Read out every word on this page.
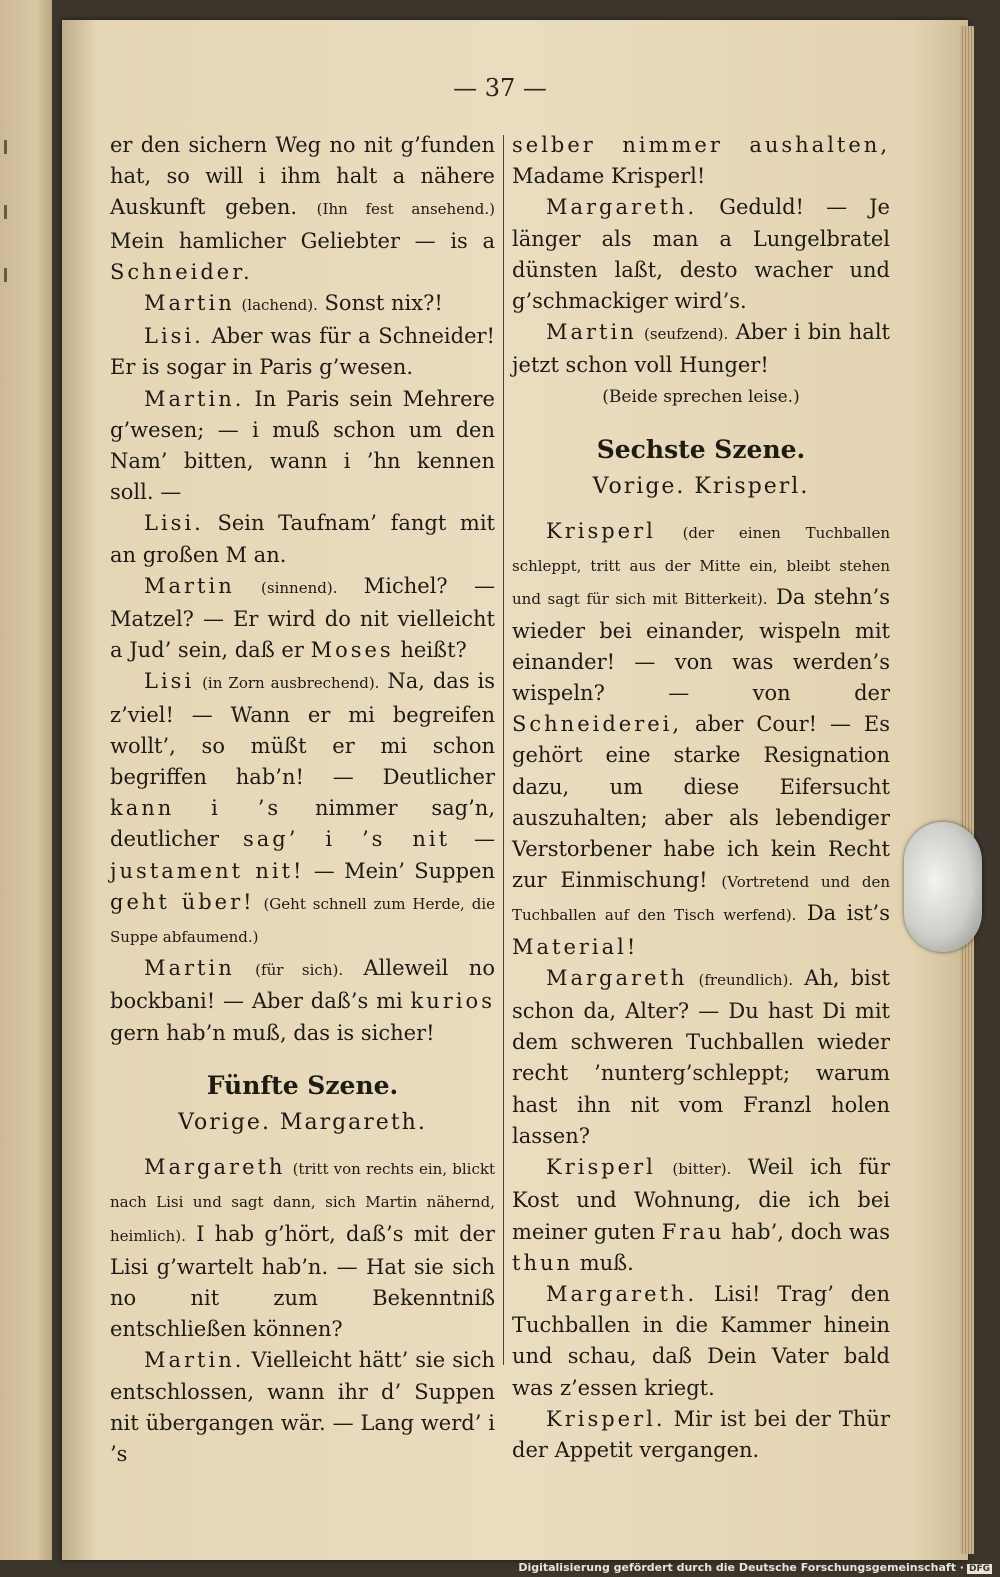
— 37 —

er den sichern Weg no nit g’funden hat, so will i ihm halt a nähere Auskunft geben. (Ihn fest ansehend.) Mein hamlicher Geliebter — is a Schneider.

Martin (lachend). Sonst nix?!

Lisi. Aber was für a Schneider! Er is sogar in Paris g’wesen.

Martin. In Paris sein Mehrere g’wesen; — i muß schon um den Nam’ bitten, wann i ’hn kennen soll. —

Lisi. Sein Taufnam’ fangt mit an großen M an.

Martin (sinnend). Michel? — Matzel? — Er wird do nit vielleicht a Jud’ sein, daß er Moses heißt?

Lisi (in Zorn ausbrechend). Na, das is z’viel! — Wann er mi begreifen wollt’, so müßt er mi schon begriffen hab’n! — Deutlicher kann i ’s nimmer sag’n, deutlicher sag’ i ’s nit — justament nit! — Mein’ Suppen geht über! (Geht schnell zum Herde, die Suppe abfaumend.)

Martin (für sich). Alleweil no bockbani! — Aber daß’s mi kurios gern hab’n muß, das is sicher!

Fünfte Szene.

Vorige. Margareth.

Margareth (tritt von rechts ein, blickt nach Lisi und sagt dann, sich Martin nähernd, heimlich). I hab g’hört, daß’s mit der Lisi g’wartelt hab’n. — Hat sie sich no nit zum Bekenntniß entschließen können?

Martin. Vielleicht hätt’ sie sich entschlossen, wann ihr d’ Suppen nit übergangen wär. — Lang werd’ i ’s

selber nimmer aushalten, Madame Krisperl!

Margareth. Geduld! — Je länger als man a Lungelbratel dünsten laßt, desto wacher und g’schmackiger wird’s.

Martin (seufzend). Aber i bin halt jetzt schon voll Hunger!

(Beide sprechen leise.)

Sechste Szene.

Vorige. Krisperl.

Krisperl (der einen Tuchballen schleppt, tritt aus der Mitte ein, bleibt stehen und sagt für sich mit Bitterkeit). Da stehn’s wieder bei einander, wispeln mit einander! — von was werden’s wispeln? — von der Schneiderei, aber Cour! — Es gehört eine starke Resignation dazu, um diese Eifersucht auszuhalten; aber als lebendiger Verstorbener habe ich kein Recht zur Einmischung! (Vortretend und den Tuchballen auf den Tisch werfend). Da ist’s Material!

Margareth (freundlich). Ah, bist schon da, Alter? — Du hast Di mit dem schweren Tuchballen wieder recht ’nunterg’schleppt; warum hast ihn nit vom Franzl holen lassen?

Krisperl (bitter). Weil ich für Kost und Wohnung, die ich bei meiner guten Frau hab’, doch was thun muß.

Margareth. Lisi! Trag’ den Tuchballen in die Kammer hinein und schau, daß Dein Vater bald was z’essen kriegt.

Krisperl. Mir ist bei der Thür der Appetit vergangen.

Digitalisierung gefördert durch die Deutsche Forschungsgemeinschaft · DFG
